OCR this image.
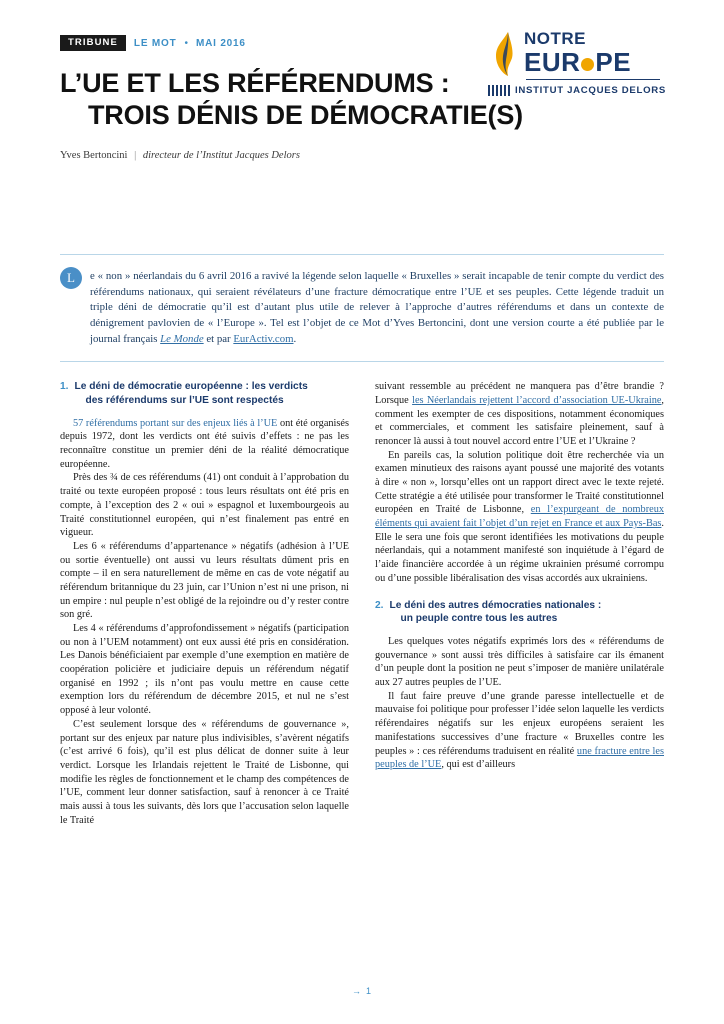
TRIBUNE	LE MOT • MAI 2016
L’UE ET LES RÉFÉRENDUMS :
TROIS DÉNIS DE DÉMOCRATIE(S)
Yves Bertoncini | directeur de l’Institut Jacques Delors
NOTRE
EUR PE
INSTITUT JACQUES DELORS
L	e « non » néerlandais du 6 avril 2016 a ravivé la légende selon laquelle « Bruxelles » serait incapable de tenir compte du verdict des référendums nationaux, qui seraient révélateurs d’une fracture démocratique entre l’UE et ses peuples. Cette légende traduit un triple déni de démocratie qu’il est d’autant plus utile de relever à l’approche d’autres référendums et dans un contexte de dénigrement pavlovien de « l’Europe ». Tel est l’objet de ce Mot d’Yves Bertoncini, dont une version courte a été publiée par le journal français Le Monde et par EurActiv.com.
1. Le déni de démocratie européenne : les verdicts
des référendums sur l’UE sont respectés

57 référendums portant sur des enjeux liés à l’UE ont été organisés depuis 1972, dont les verdicts ont été suivis d’effets : ne pas les reconnaître constitue un premier déni de la réalité démocratique européenne.

Près des ¾ de ces référendums (41) ont conduit à l’approbation du traité ou texte européen proposé : tous leurs résultats ont été pris en compte, à l’exception des 2 « oui » espagnol et luxembourgeois au Traité constitutionnel européen, qui n’est finalement pas entré en vigueur.

Les 6 « référendums d’appartenance » négatifs (adhésion à l’UE ou sortie éventuelle) ont aussi vu leurs résultats dûment pris en compte – il en sera naturellement de même en cas de vote négatif au référendum britannique du 23 juin, car l’Union n’est ni une prison, ni un empire : nul peuple n’est obligé de la rejoindre ou d’y rester contre son gré.

Les 4 « référendums d’approfondissement » négatifs (participation ou non à l’UEM notamment) ont eux aussi été pris en considération. Les Danois bénéficiaient par exemple d’une exemption en matière de coopération policière et judiciaire depuis un référendum négatif organisé en 1992 ; ils n’ont pas voulu mettre en cause cette exemption lors du référendum de décembre 2015, et nul ne s’est opposé à leur volonté.

C’est seulement lorsque des « référendums de gouvernance », portant sur des enjeux par nature plus indivisibles, s’avèrent négatifs (c’est arrivé 6 fois), qu’il est plus délicat de donner suite à leur verdict. Lorsque les Irlandais rejettent le Traité de Lisbonne, qui modifie les règles de fonctionnement et le champ des compétences de l’UE, comment leur donner satisfaction, sauf à renoncer à ce Traité mais aussi à tous les suivants, dès lors que l’accusation selon laquelle le Traité

suivant ressemble au précédent ne manquera pas d’être brandie ? Lorsque les Néerlandais rejettent l’accord d’association UE-Ukraine, comment les exempter de ces dispositions, notamment économiques et commerciales, et comment les satisfaire pleinement, sauf à renoncer là aussi à tout nouvel accord entre l’UE et l’Ukraine ?

En pareils cas, la solution politique doit être recherchée via un examen minutieux des raisons ayant poussé une majorité des votants à dire « non », lorsqu’elles ont un rapport direct avec le texte rejeté. Cette stratégie a été utilisée pour transformer le Traité constitutionnel européen en Traité de Lisbonne, en l’expurgeant de nombreux éléments qui avaient fait l’objet d’un rejet en France et aux Pays-Bas. Elle le sera une fois que seront identifiées les motivations du peuple néerlandais, qui a notamment manifesté son inquiétude à l’égard de l’aide financière accordée à un régime ukrainien présumé corrompu ou d’une possible libéralisation des visas accordés aux ukrainiens.

2. Le déni des autres démocraties nationales :
un peuple contre tous les autres

Les quelques votes négatifs exprimés lors des « référendums de gouvernance » sont aussi très difficiles à satisfaire car ils émanent d’un peuple dont la position ne peut s’imposer de manière unilatérale aux 27 autres peuples de l’UE.

Il faut faire preuve d’une grande paresse intellectuelle et de mauvaise foi politique pour professer l’idée selon laquelle les verdicts référendaires négatifs sur les enjeux européens seraient les manifestations successives d’une fracture « Bruxelles contre les peuples » : ces référendums traduisent en réalité une fracture entre les peuples de l’UE, qui est d’ailleurs

→ 1
